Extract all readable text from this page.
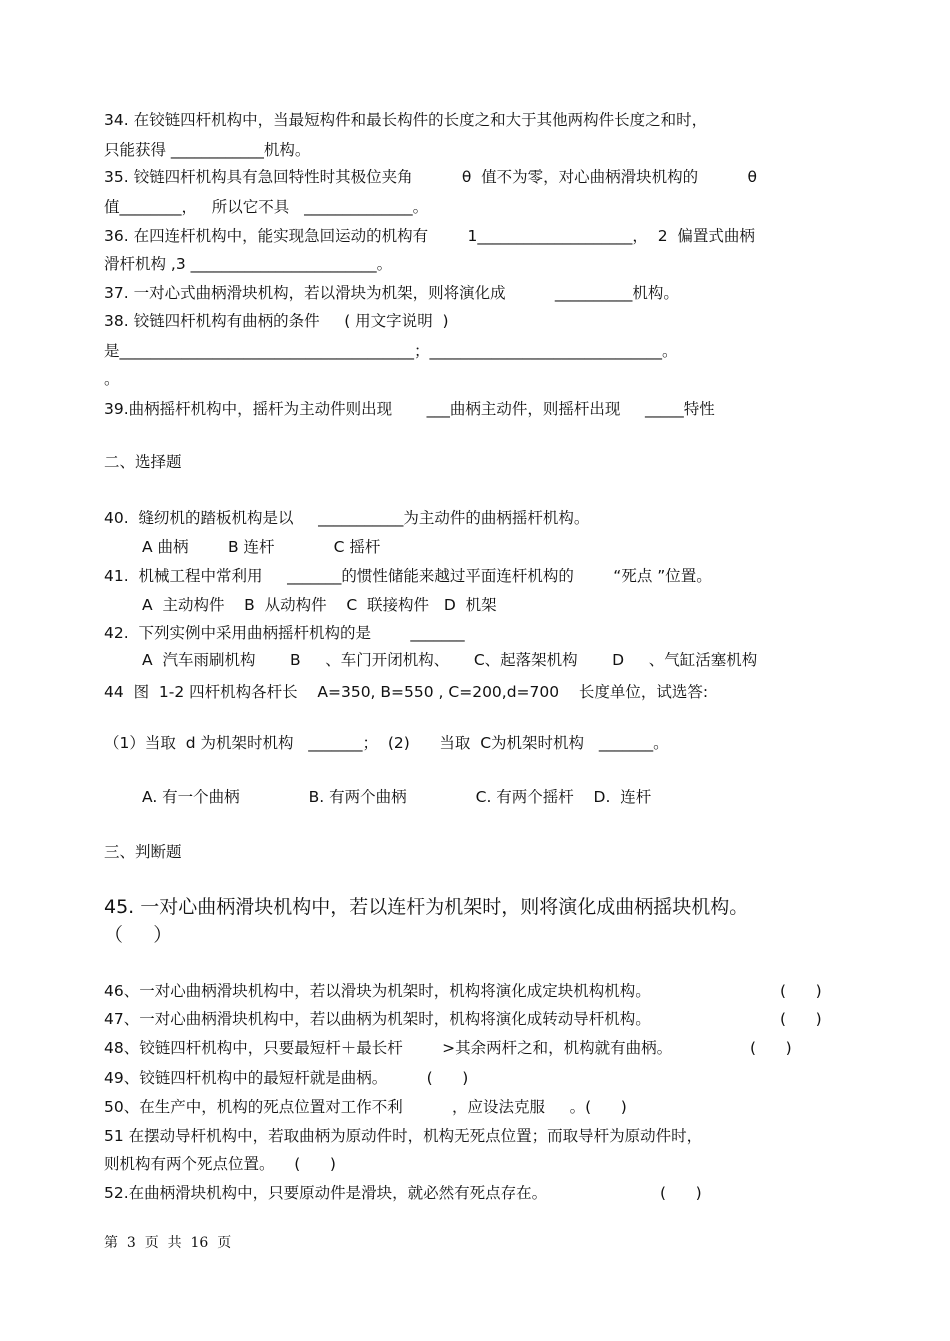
34. 在铰链四杆机构中，当最短构件和最长构件的长度之和大于其他两构件长度之和时，
只能获得 ____________机构。
35. 铰链四杆机构具有急回特性时其极位夹角          θ  值不为零，对心曲柄滑块机构的          θ
值________，   所以它不具   ______________。
36. 在四连杆机构中，能实现急回运动的机构有        1____________________，  2  偏置式曲柄
滑杆机构 ,3 ________________________。
37. 一对心式曲柄滑块机构，若以滑块为机架，则将演化成          __________机构。
38. 铰链四杆机构有曲柄的条件     ( 用文字说明  )
是______________________________________；______________________________。
。
39.曲柄摇杆机构中，摇杆为主动件则出现       ___曲柄主动件，则摇杆出现     _____特性
二、选择题
40.  缝纫机的踏板机构是以     ___________为主动件的曲柄摇杆机构。
A 曲柄        B 连杆            C 摇杆
41.  机械工程中常利用     _______的惯性储能来越过平面连杆机构的        “死点 ”位置。
A  主动构件    B  从动构件    C  联接构件   D  机架
42.  下列实例中采用曲柄摇杆机构的是        _______
A  汽车雨刷机构       B     、车门开闭机构、     C、起落架机构       D     、气缸活塞机构
44  图  1-2 四杆机构各杆长    A=350, B=550 , C=200,d=700    长度单位，试选答:
（1）当取  d 为机架时机构   _______；  (2)      当取  C为机架时机构   _______。
A. 有一个曲柄              B. 有两个曲柄              C. 有两个摇杆    D.  连杆
三、判断题
45. 一对心曲柄滑块机构中，若以连杆为机架时，则将演化成曲柄摇块机构。
（     ）
46、一对心曲柄滑块机构中，若以滑块为机架时，机构将演化成定块机构机构。	(      )
47、一对心曲柄滑块机构中，若以曲柄为机架时，机构将演化成转动导杆机构。	(      )
48、铰链四杆机构中，只要最短杆＋最长杆        >其余两杆之和，机构就有曲柄。	(      )
49、铰链四杆机构中的最短杆就是曲柄。        (      )
50、在生产中，机构的死点位置对工作不利          ，应设法克服     。(      )
51 在摆动导杆机构中，若取曲柄为原动件时，机构无死点位置；而取导杆为原动件时，
则机构有两个死点位置。    (      )
52.在曲柄滑块机构中，只要原动件是滑块，就必然有死点存在。	(      )
第  3  页  共  16  页
